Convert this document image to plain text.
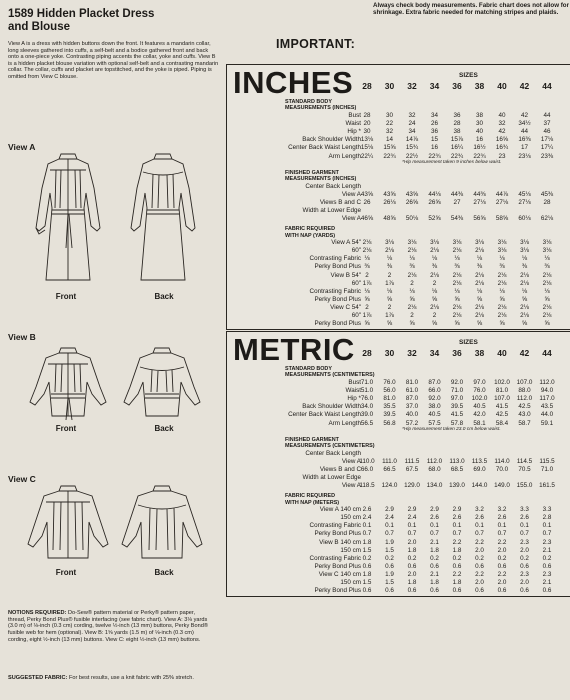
1589 Hidden Placket Dress
and Blouse
View A is a dress with hidden buttons down the front. It features a mandarin collar, long sleeves gathered into cuffs, a self-belt and a bodice gathered front and back onto a one-piece yoke. Contrasting piping accents the collar, yoke and cuffs. View B is a hidden placket blouse variation with optional self-belt and a contrasting mandarin collar. The collar, cuffs and placket are topstitched, and the yoke is piped. Piping is omitted from View C blouse.
View A
Front	Back
View B
Front	Back
View C
Front	Back
NOTIONS REQUIRED: Do-Sew® pattern material or Perky® pattern paper, thread, Perky Bond Plus® fusible interfacing (see fabric chart). View A: 3⅛ yards (3.0 m) of ⅛-inch (0.3 cm) cording, twelve ½-inch (13 mm) buttons, Perky Bond® fusible web for hem (optional). View B: 1⅝ yards (1.5 m) of ⅛-inch (0.3 cm) cording, eight ½-inch (13 mm) buttons. View C: eight ½-inch (13 mm) buttons.
SUGGESTED FABRIC: For best results, use a knit fabric with 25% stretch.
IMPORTANT:
Always check body measurements. Fabric chart does not allow for shrinkage. Extra fabric needed for matching stripes and plaids.
INCHES	SIZES
28	30	32	34	36	38	40	42	44
STANDARD BODY
MEASUREMENTS (INCHES)
Bust 28	30	32	34	36	38	40	42	44
Waist 20	22	24	26	28	30	32	34½	37
Hip * 30	32	34	36	38	40	42	44	46
Back Shoulder Width 13⅛	14	14⅞	15	15⅞	16	16⅝	16⅜	17⅛
Center Back Waist Length 15⅛	15⅝	15¾	16	16¼	16½	16¾	17	17¼
Arm Length 22¼	22¾	22½	22¾	22¾	22¾	23	23⅛	23⅜
*Hip measurement taken 9 inches below waist.
FINISHED GARMENT
MEASUREMENTS (INCHES)
Center Back Length
View A 43⅝	43⅝	43⅝	44⅛	44⅜	44⅜	44⅞	45⅛	45⅜
Views B and C 26	26⅛	26⅝	26⅝	27	27⅛	27⅛	27⅛	28
Width at Lower Edge
View A 46⅝	48⅝	50⅛	52⅝	54⅜	56⅝	58⅝	60⅛	62⅛
FABRIC REQUIRED
WITH NAP (YARDS)
View A 54" 2⅛	3⅛	3⅛	3⅛	3⅛	3⅛	3⅛	3⅛	3⅛
60" 2⅛	2⅛	2⅛	2⅛	2⅛	2⅛	3⅛	3⅛	3⅛
Contrasting Fabric ⅛	⅛	⅛	⅛	⅛	⅛	⅛	⅛	⅛
Perky Bond Plus ⅜	⅜	⅜	⅜	⅜	⅜	⅜	⅜	⅜
View B 54" 2	2	2⅛	2⅛	2⅛	2⅛	2⅛	2⅛	2⅛
60" 1⅞	1⅞	2	2	2⅛	2⅛	2⅛	2⅛	2⅛
Contrasting Fabric ⅛	⅛	⅛	⅛	⅛	⅛	⅛	⅛	⅛
Perky Bond Plus ⅝	⅝	⅝	⅝	⅝	⅝	⅝	⅝	⅝
View C 54" 2	2	2⅛	2⅛	2⅛	2⅛	2⅛	2⅛	2⅛
60" 1⅞	1⅞	2	2	2⅛	2⅛	2⅛	2⅛	2⅛
Perky Bond Plus ⅝	⅝	⅝	⅝	⅝	⅝	⅝	⅝	⅝
METRIC	SIZES
28	30	32	34	36	38	40	42	44
STANDARD BODY
MEASUREMENTS (CENTIMETERS)
Bust 71.0	76.0	81.0	87.0	92.0	97.0	102.0	107.0	112.0
Waist 51.0	56.0	61.0	66.0	71.0	76.0	81.0	88.0	94.0
Hip * 76.0	81.0	87.0	92.0	97.0	102.0	107.0	112.0	117.0
Back Shoulder Width 34.0	35.5	37.0	38.0	39.5	40.5	41.5	42.5	43.5
Center Back Waist Length 39.0	39.5	40.0	40.5	41.5	42.0	42.5	43.0	44.0
Arm Length 56.5	56.8	57.2	57.5	57.8	58.1	58.4	58.7	59.1
*Hip measurement taken 23.0 cm below waist.
FINISHED GARMENT
MEASUREMENTS (CENTIMETERS)
Center Back Length
View A
110.0	111.0	111.5	112.0	113.0	113.5	114.0	114.5	115.5
Views B and C 66.0	66.5	67.5	68.0	68.5	69.0	70.0	70.5	71.0
Width at Lower Edge
View A
118.5	124.0	129.0	134.0	139.0	144.0	149.0	155.0	161.5
FABRIC REQUIRED
WITH NAP (METERS)
View A 140 cm 2.6	2.9	2.9	2.9	2.9	3.2	3.2	3.3	3.3
150 cm 2.4	2.4	2.4	2.6	2.6	2.6	2.6	2.6	2.8
Contrasting Fabric 0.1	0.1	0.1	0.1	0.1	0.1	0.1	0.1	0.1
Perky Bond Plus 0.7	0.7	0.7	0.7	0.7	0.7	0.7	0.7	0.7
View B 140 cm 1.8	1.9	2.0	2.1	2.2	2.2	2.2	2.3	2.3
150 cm 1.5	1.5	1.8	1.8	1.8	2.0	2.0	2.0	2.1
Contrasting Fabric 0.2	0.2	0.2	0.2	0.2	0.2	0.2	0.2	0.2
Perky Bond Plus 0.6	0.6	0.6	0.6	0.6	0.6	0.6	0.6	0.6
View C 140 cm 1.8	1.9	2.0	2.1	2.2	2.2	2.2	2.3	2.3
150 cm 1.5	1.5	1.8	1.8	1.8	2.0	2.0	2.0	2.1
Perky Bond Plus 0.6	0.6	0.6	0.6	0.6	0.6	0.6	0.6	0.6
